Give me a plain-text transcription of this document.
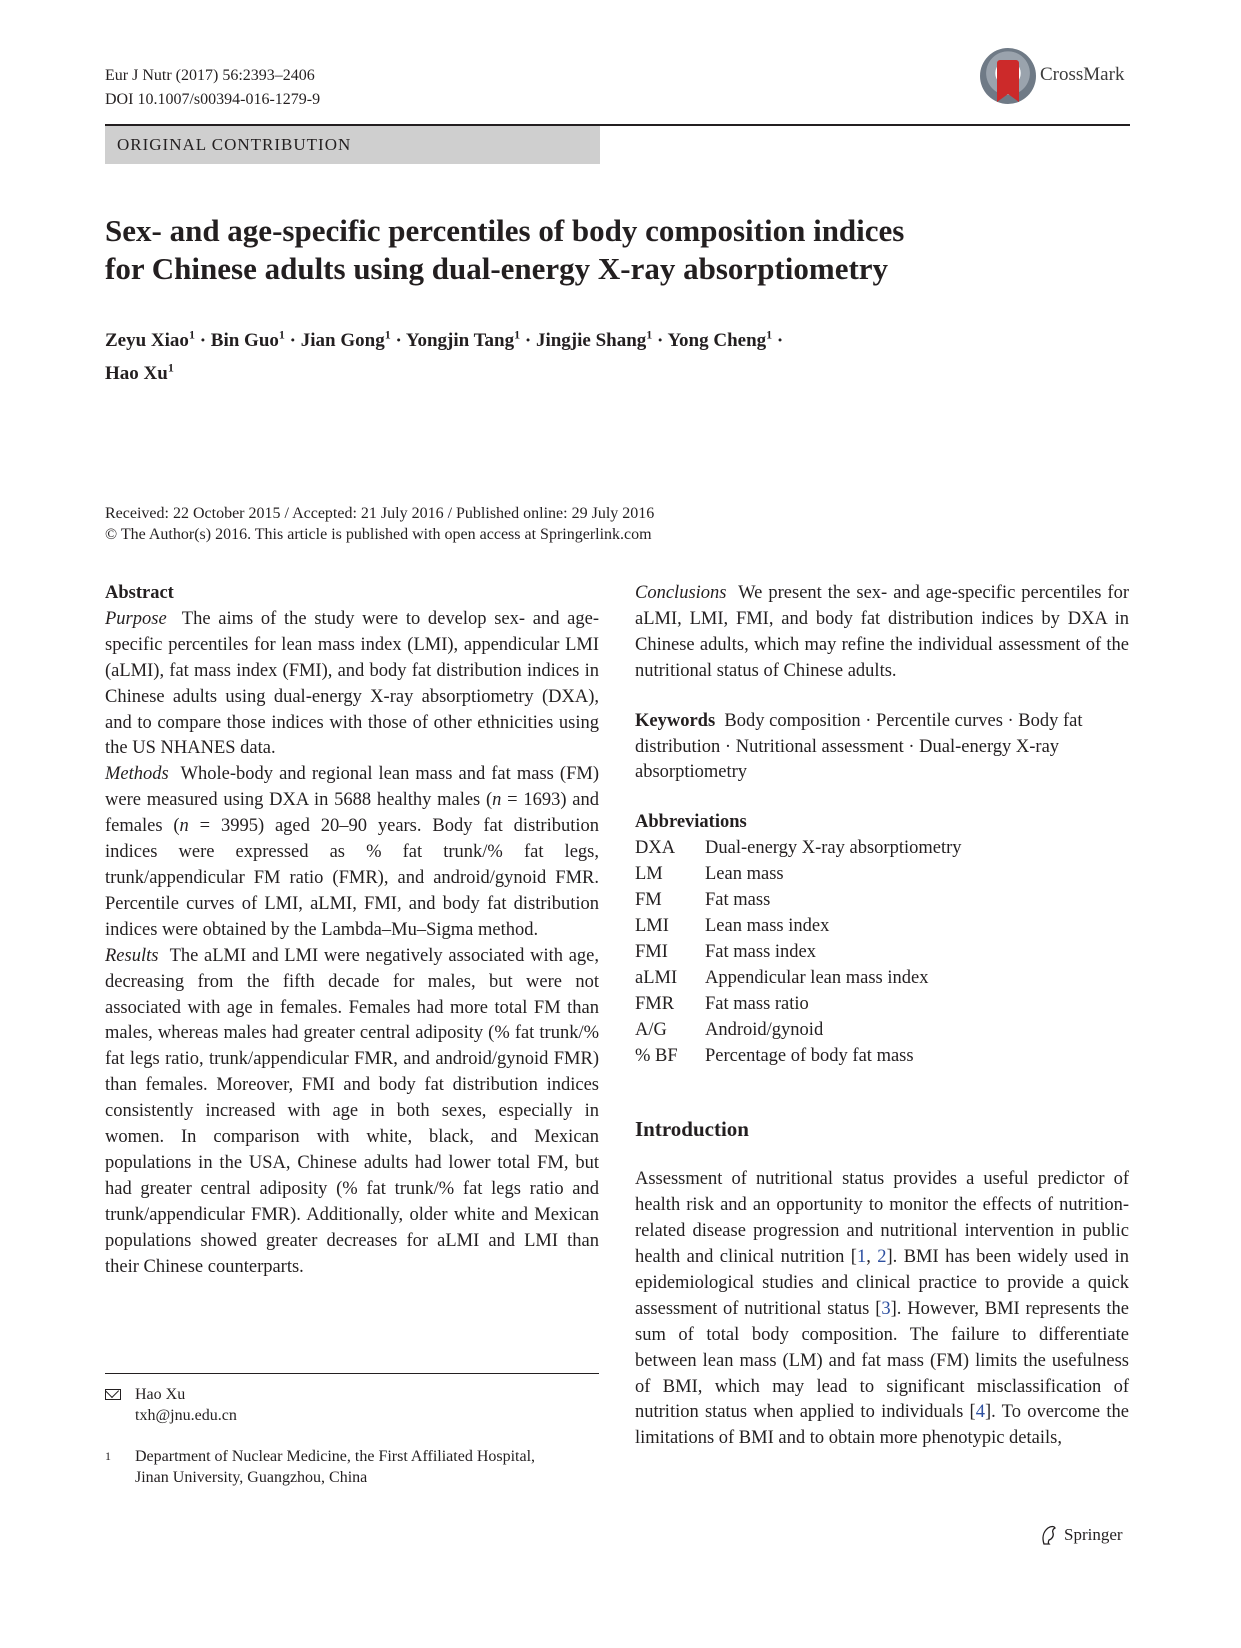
Eur J Nutr (2017) 56:2393–2406
DOI 10.1007/s00394-016-1279-9
CrossMark
ORIGINAL CONTRIBUTION
Sex- and age-specific percentiles of body composition indices
for Chinese adults using dual-energy X-ray absorptiometry
Zeyu Xiao$^1$ · Bin Guo$^1$ · Jian Gong$^1$ · Yongjin Tang$^1$ · Jingjie Shang$^1$ · Yong Cheng$^1$ ·
Hao Xu$^1$
Received: 22 October 2015 / Accepted: 21 July 2016 / Published online: 29 July 2016
© The Author(s) 2016. This article is published with open access at Springerlink.com
Abstract

Purpose The aims of the study were to develop sex- and age-specific percentiles for lean mass index (LMI), appendicular LMI (aLMI), fat mass index (FMI), and body fat distribution indices in Chinese adults using dual-energy X-ray absorptiometry (DXA), and to compare those indices with those of other ethnicities using the US NHANES data.

Methods Whole-body and regional lean mass and fat mass (FM) were measured using DXA in 5688 healthy males (n = 1693) and females (n = 3995) aged 20–90 years. Body fat distribution indices were expressed as % fat trunk/% fat legs, trunk/appendicular FM ratio (FMR), and android/gynoid FMR. Percentile curves of LMI, aLMI, FMI, and body fat distribution indices were obtained by the Lambda–Mu–Sigma method.

Results The aLMI and LMI were negatively associated with age, decreasing from the fifth decade for males, but were not associated with age in females. Females had more total FM than males, whereas males had greater central adiposity (% fat trunk/% fat legs ratio, trunk/appendicular FMR, and android/gynoid FMR) than females. Moreover, FMI and body fat distribution indices consistently increased with age in both sexes, especially in women. In comparison with white, black, and Mexican populations in the USA, Chinese adults had lower total FM, but had greater central adiposity (% fat trunk/% fat legs ratio and trunk/appendicular FMR). Additionally, older white and Mexican populations showed greater decreases for aLMI and LMI than their Chinese counterparts.

Conclusions We present the sex- and age-specific percentiles for aLMI, LMI, FMI, and body fat distribution indices by DXA in Chinese adults, which may refine the individual assessment of the nutritional status of Chinese adults.

Keywords Body composition · Percentile curves · Body fat distribution · Nutritional assessment · Dual-energy X-ray absorptiometry

Abbreviations
DXA	Dual-energy X-ray absorptiometry
LM	Lean mass
FM	Fat mass
LMI	Lean mass index
FMI	Fat mass index
aLMI	Appendicular lean mass index
FMR	Fat mass ratio
A/G	Android/gynoid
% BF	Percentage of body fat mass
Introduction

Assessment of nutritional status provides a useful predictor of health risk and an opportunity to monitor the effects of nutrition-related disease progression and nutritional intervention in public health and clinical nutrition [1, 2]. BMI has been widely used in epidemiological studies and clinical practice to provide a quick assessment of nutritional status [3]. However, BMI represents the sum of total body composition. The failure to differentiate between lean mass (LM) and fat mass (FM) limits the usefulness of BMI, which may lead to significant misclassification of nutrition status when applied to individuals [4]. To overcome the limitations of BMI and to obtain more phenotypic details,

Hao Xu
txh@jnu.edu.cn
1 Department of Nuclear Medicine, the First Affiliated Hospital, Jinan University, Guangzhou, China
Springer
